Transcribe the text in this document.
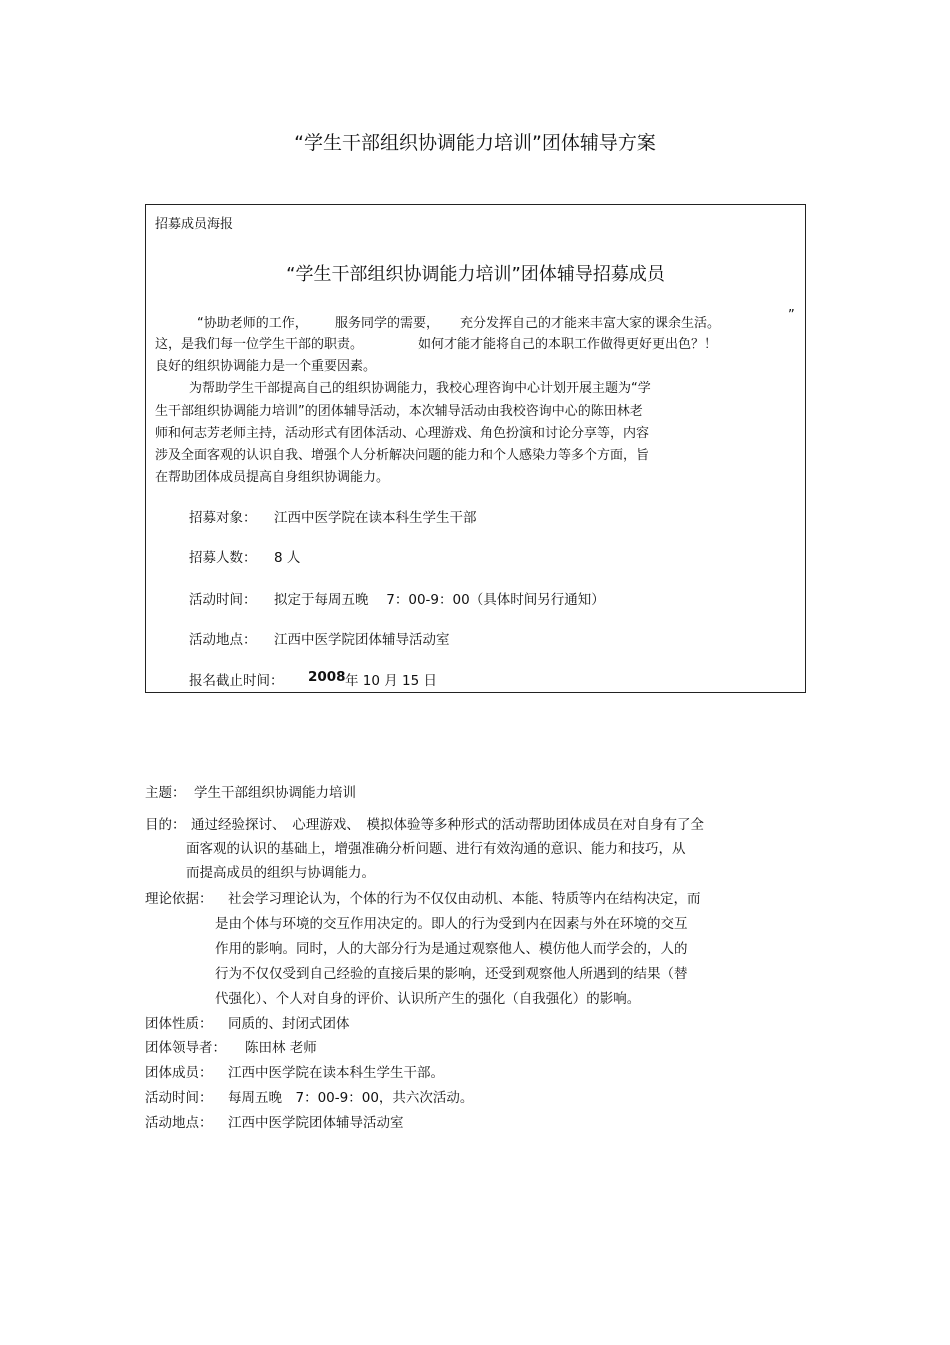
“学生干部组织协调能力培训”团体辅导方案
招募成员海报
“学生干部组织协调能力培训”团体辅导招募成员
“协助老师的工作， 服务同学的需要， 充分发挥自己的才能来丰富大家的课余生活。
”
这，是我们每一位学生干部的职责。	如何才能才能将自己的本职工作做得更好更出色？！
良好的组织协调能力是一个重要因素。
为帮助学生干部提高自己的组织协调能力，我校心理咨询中心计划开展主题为“学
生干部组织协调能力培训”的团体辅导活动，本次辅导活动由我校咨询中心的陈田林老
师和何志芳老师主持，活动形式有团体活动、心理游戏、角色扮演和讨论分享等，内容
涉及全面客观的认识自我、增强个人分析解决问题的能力和个人感染力等多个方面，旨
在帮助团体成员提高自身组织协调能力。
招募对象： 江西中医学院在读本科生学生干部
招募人数： 8 人
活动时间： 拟定于每周五晚　 7：00-9：00（具体时间另行通知）
活动地点： 江西中医学院团体辅导活动室
报名截止时间： 2008 年 10 月 15 日
主题： 学生干部组织协调能力培训
目的： 通过经验探讨、　心理游戏、　模拟体验等多种形式的活动帮助团体成员在对自身有了全
面客观的认识的基础上，增强准确分析问题、进行有效沟通的意识、能力和技巧，从
而提高成员的组织与协调能力。
理论依据： 社会学习理论认为，个体的行为不仅仅由动机、本能、特质等内在结构决定，而
是由个体与环境的交互作用决定的。即人的行为受到内在因素与外在环境的交互
作用的影响。同时，人的大部分行为是通过观察他人、模仿他人而学会的，人的
行为不仅仅受到自己经验的直接后果的影响，还受到观察他人所遇到的结果（替
代强化）、个人对自身的评价、认识所产生的强化（自我强化）的影响。
团体性质： 同质的、封闭式团体
团体领导者： 陈田林 老师
团体成员： 江西中医学院在读本科生学生干部。
活动时间： 每周五晚　7：00-9：00，共六次活动。
活动地点： 江西中医学院团体辅导活动室
